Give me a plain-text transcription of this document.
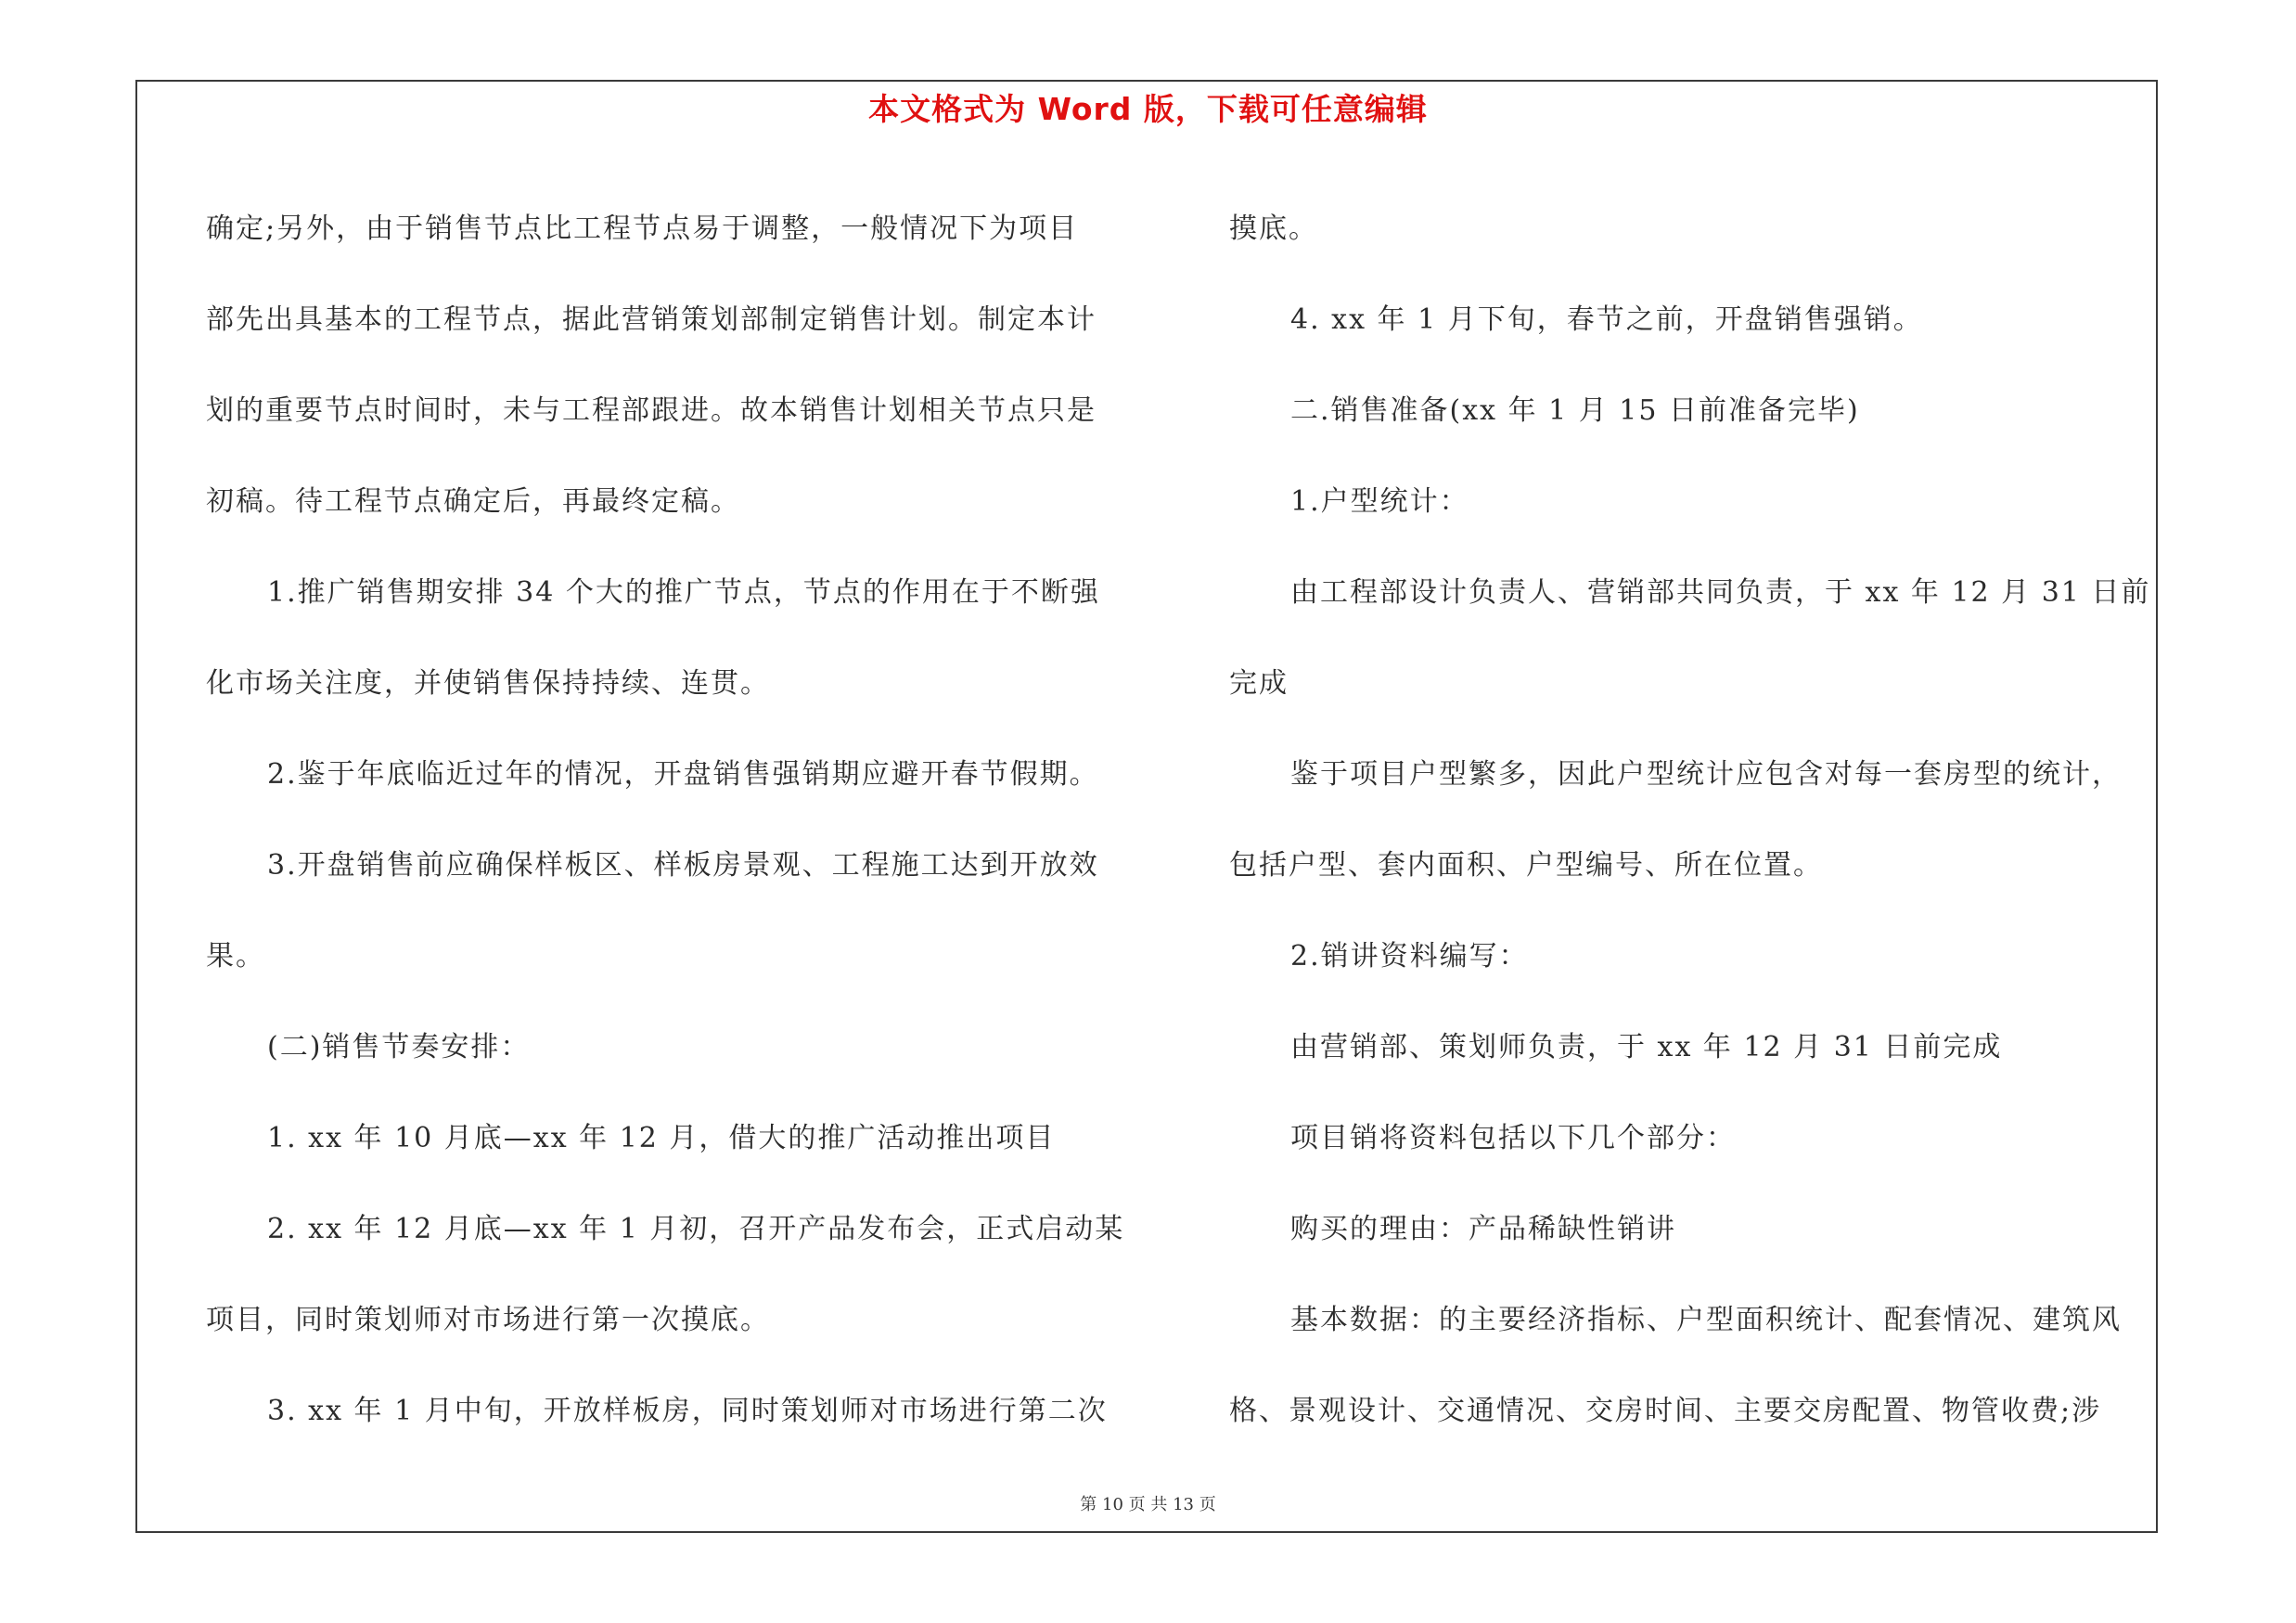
本文格式为 Word 版，下载可任意编辑
确定;另外，由于销售节点比工程节点易于调整，一般情况下为项目
部先出具基本的工程节点，据此营销策划部制定销售计划。制定本计
划的重要节点时间时，未与工程部跟进。故本销售计划相关节点只是
初稿。待工程节点确定后，再最终定稿。
1.推广销售期安排 34 个大的推广节点，节点的作用在于不断强
化市场关注度，并使销售保持持续、连贯。
2.鉴于年底临近过年的情况，开盘销售强销期应避开春节假期。
3.开盘销售前应确保样板区、样板房景观、工程施工达到开放效
果。
(二)销售节奏安排：
1. xx 年 10 月底—xx 年 12 月，借大的推广活动推出项目
2. xx 年 12 月底—xx 年 1 月初，召开产品发布会，正式启动某
项目，同时策划师对市场进行第一次摸底。
3. xx 年 1 月中旬，开放样板房，同时策划师对市场进行第二次
摸底。
4. xx 年 1 月下旬，春节之前，开盘销售强销。
二.销售准备(xx 年 1 月 15 日前准备完毕)
1.户型统计：
由工程部设计负责人、营销部共同负责，于 xx 年 12 月 31 日前
完成
鉴于项目户型繁多，因此户型统计应包含对每一套房型的统计，
包括户型、套内面积、户型编号、所在位置。
2.销讲资料编写：
由营销部、策划师负责，于 xx 年 12 月 31 日前完成
项目销将资料包括以下几个部分：
购买的理由：产品稀缺性销讲
基本数据：的主要经济指标、户型面积统计、配套情况、建筑风
格、景观设计、交通情况、交房时间、主要交房配置、物管收费;涉
第 10 页 共 13 页
